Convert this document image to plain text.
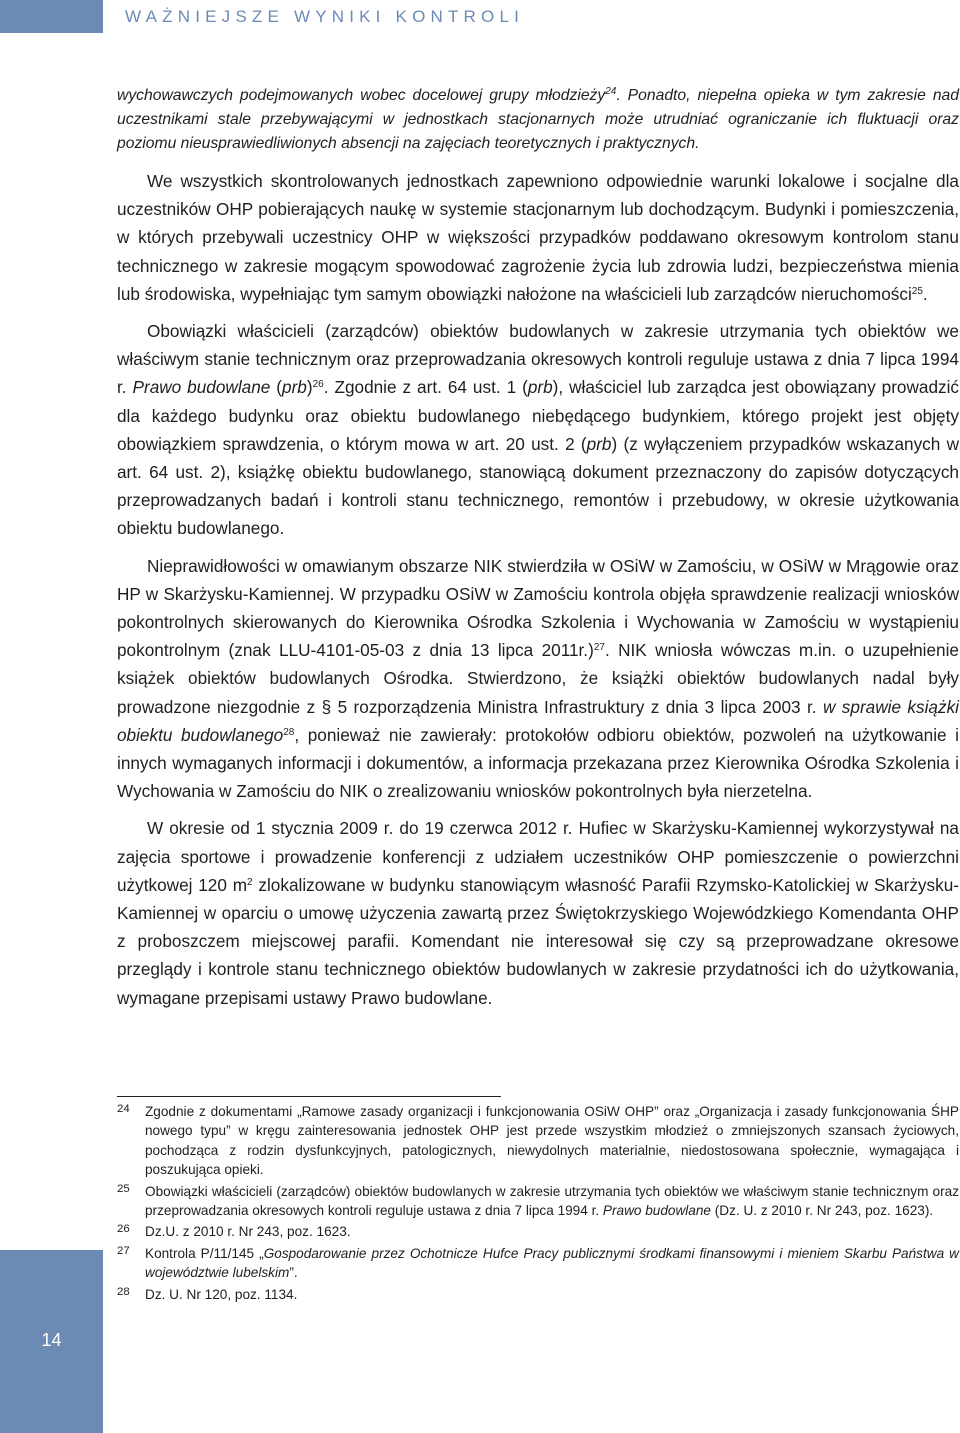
WAŻNIEJSZE WYNIKI KONTROLI

wychowawczych podejmowanych wobec docelowej grupy młodzieży$^{24}$. Ponadto, niepełna opieka w tym zakresie nad uczestnikami stale przebywającymi w jednostkach stacjonarnych może utrudniać ograniczanie ich fluktuacji oraz poziomu nieusprawiedliwionych absencji na zajęciach teoretycznych i praktycznych.

We wszystkich skontrolowanych jednostkach zapewniono odpowiednie warunki lokalowe i socjalne dla uczestników OHP pobierających naukę w systemie stacjonarnym lub dochodzącym. Budynki i pomieszczenia, w których przebywali uczestnicy OHP w większości przypadków poddawano okresowym kontrolom stanu technicznego w zakresie mogącym spowodować zagrożenie życia lub zdrowia ludzi, bezpieczeństwa mienia lub środowiska, wypełniając tym samym obowiązki nałożone na właścicieli lub zarządców nieruchomości$^{25}$.

Obowiązki właścicieli (zarządców) obiektów budowlanych w zakresie utrzymania tych obiektów we właściwym stanie technicznym oraz przeprowadzania okresowych kontroli reguluje ustawa z dnia 7 lipca 1994 r. Prawo budowlane (prb)$^{26}$. Zgodnie z art. 64 ust. 1 (prb), właściciel lub zarządca jest obowiązany prowadzić dla każdego budynku oraz obiektu budowlanego niebędącego budynkiem, którego projekt jest objęty obowiązkiem sprawdzenia, o którym mowa w art. 20 ust. 2 (prb) (z wyłączeniem przypadków wskazanych w art. 64 ust. 2), książkę obiektu budowlanego, stanowiącą dokument przeznaczony do zapisów dotyczących przeprowadzanych badań i kontroli stanu technicznego, remontów i przebudowy, w okresie użytkowania obiektu budowlanego.

Nieprawidłowości w omawianym obszarze NIK stwierdziła w OSiW w Zamościu, w OSiW w Mrągowie oraz HP w Skarżysku-Kamiennej. W przypadku OSiW w Zamościu kontrola objęła sprawdzenie realizacji wniosków pokontrolnych skierowanych do Kierownika Ośrodka Szkolenia i Wychowania w Zamościu w wystąpieniu pokontrolnym (znak LLU-4101-05-03 z dnia 13 lipca 2011r.)$^{27}$. NIK wniosła wówczas m.in. o uzupełnienie książek obiektów budowlanych Ośrodka. Stwierdzono, że książki obiektów budowlanych nadal były prowadzone niezgodnie z § 5 rozporządzenia Ministra Infrastruktury z dnia 3 lipca 2003 r. w sprawie książki obiektu budowlanego$^{28}$, ponieważ nie zawierały: protokołów odbioru obiektów, pozwoleń na użytkowanie i innych wymaganych informacji i dokumentów, a informacja przekazana przez Kierownika Ośrodka Szkolenia i Wychowania w Zamościu do NIK o zrealizowaniu wniosków pokontrolnych była nierzetelna.

W okresie od 1 stycznia 2009 r. do 19 czerwca 2012 r. Hufiec w Skarżysku-Kamiennej wykorzystywał na zajęcia sportowe i prowadzenie konferencji z udziałem uczestników OHP pomieszczenie o powierzchni użytkowej 120 $m^2$ zlokalizowane w budynku stanowiącym własność Parafii Rzymsko-Katolickiej w Skarżysku-Kamiennej w oparciu o umowę użyczenia zawartą przez Świętokrzyskiego Wojewódzkiego Komendanta OHP z proboszczem miejscowej parafii. Komendant nie interesował się czy są przeprowadzane okresowe przeglądy i kontrole stanu technicznego obiektów budowlanych w zakresie przydatności ich do użytkowania, wymagane przepisami ustawy Prawo budowlane.

24	Zgodnie z dokumentami „Ramowe zasady organizacji i funkcjonowania OSiW OHP” oraz „Organizacja i zasady funkcjonowania ŚHP nowego typu” w kręgu zainteresowania jednostek OHP jest przede wszystkim młodzież o zmniejszonych szansach życiowych, pochodząca z rodzin dysfunkcyjnych, patologicznych, niewydolnych materialnie, niedostosowana społecznie, wymagająca i poszukująca opieki.
25	Obowiązki właścicieli (zarządców) obiektów budowlanych w zakresie utrzymania tych obiektów we właściwym stanie technicznym oraz przeprowadzania okresowych kontroli reguluje ustawa z dnia 7 lipca 1994 r. Prawo budowlane (Dz. U. z 2010 r. Nr 243, poz. 1623).
26	Dz.U. z 2010 r. Nr 243, poz. 1623.
27	Kontrola P/11/145 „Gospodarowanie przez Ochotnicze Hufce Pracy publicznymi środkami finansowymi i mieniem Skarbu Państwa w województwie lubelskim”.
28	Dz. U. Nr 120, poz. 1134.
14
